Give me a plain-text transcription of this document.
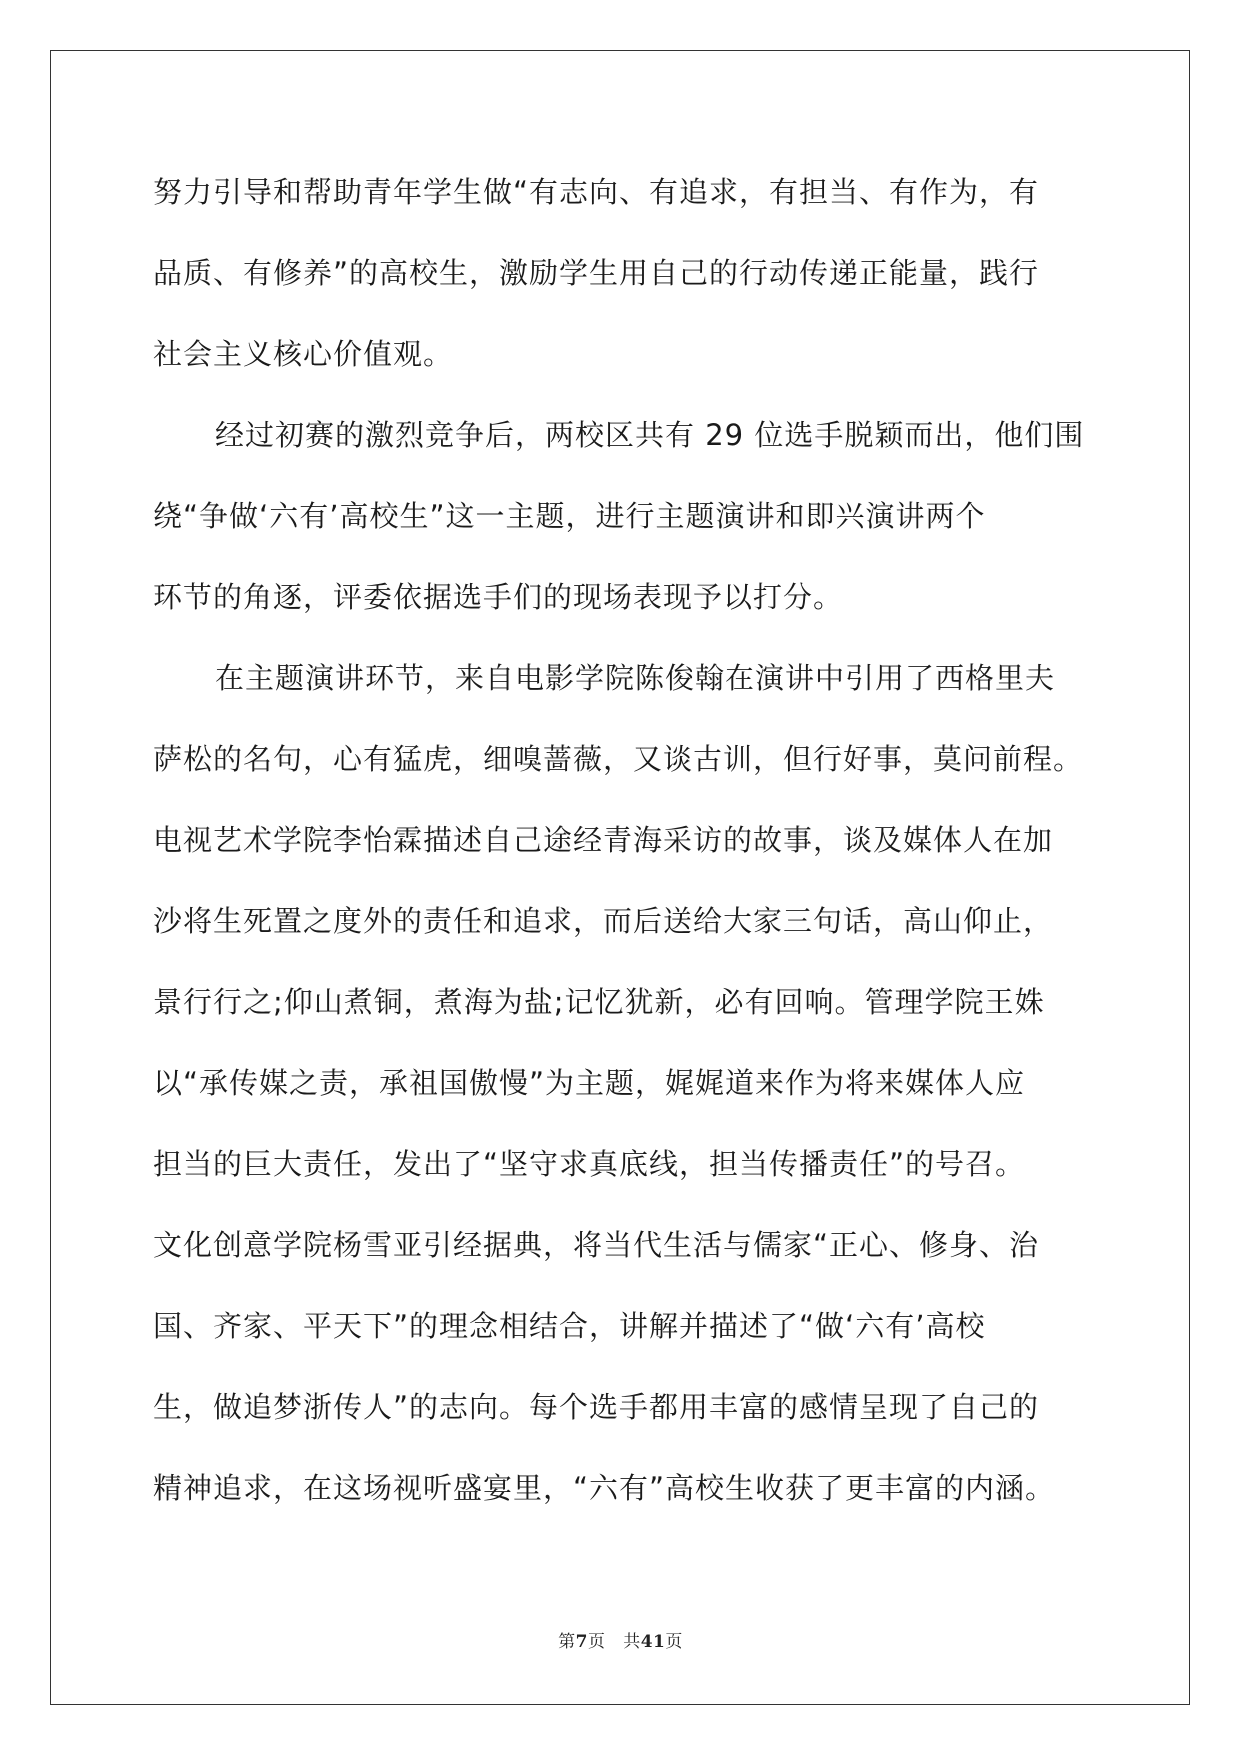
努力引导和帮助青年学生做“有志向、有追求，有担当、有作为，有
品质、有修养”的高校生，激励学生用自己的行动传递正能量，践行
社会主义核心价值观。
经过初赛的激烈竞争后，两校区共有 29 位选手脱颖而出，他们围
绕“争做‘六有’高校生”这一主题，进行主题演讲和即兴演讲两个
环节的角逐，评委依据选手们的现场表现予以打分。
在主题演讲环节，来自电影学院陈俊翰在演讲中引用了西格里夫
萨松的名句，心有猛虎，细嗅蔷薇，又谈古训，但行好事，莫问前程。
电视艺术学院李怡霖描述自己途经青海采访的故事，谈及媒体人在加
沙将生死置之度外的责任和追求，而后送给大家三句话，高山仰止，
景行行之;仰山煮铜，煮海为盐;记忆犹新，必有回响。管理学院王姝
以“承传媒之责，承祖国傲慢”为主题，娓娓道来作为将来媒体人应
担当的巨大责任，发出了“坚守求真底线，担当传播责任”的号召。
文化创意学院杨雪亚引经据典，将当代生活与儒家“正心、修身、治
国、齐家、平天下”的理念相结合，讲解并描述了“做‘六有’高校
生，做追梦浙传人”的志向。每个选手都用丰富的感情呈现了自己的
精神追求，在这场视听盛宴里，“六有”高校生收获了更丰富的内涵。
第7页 共41页
